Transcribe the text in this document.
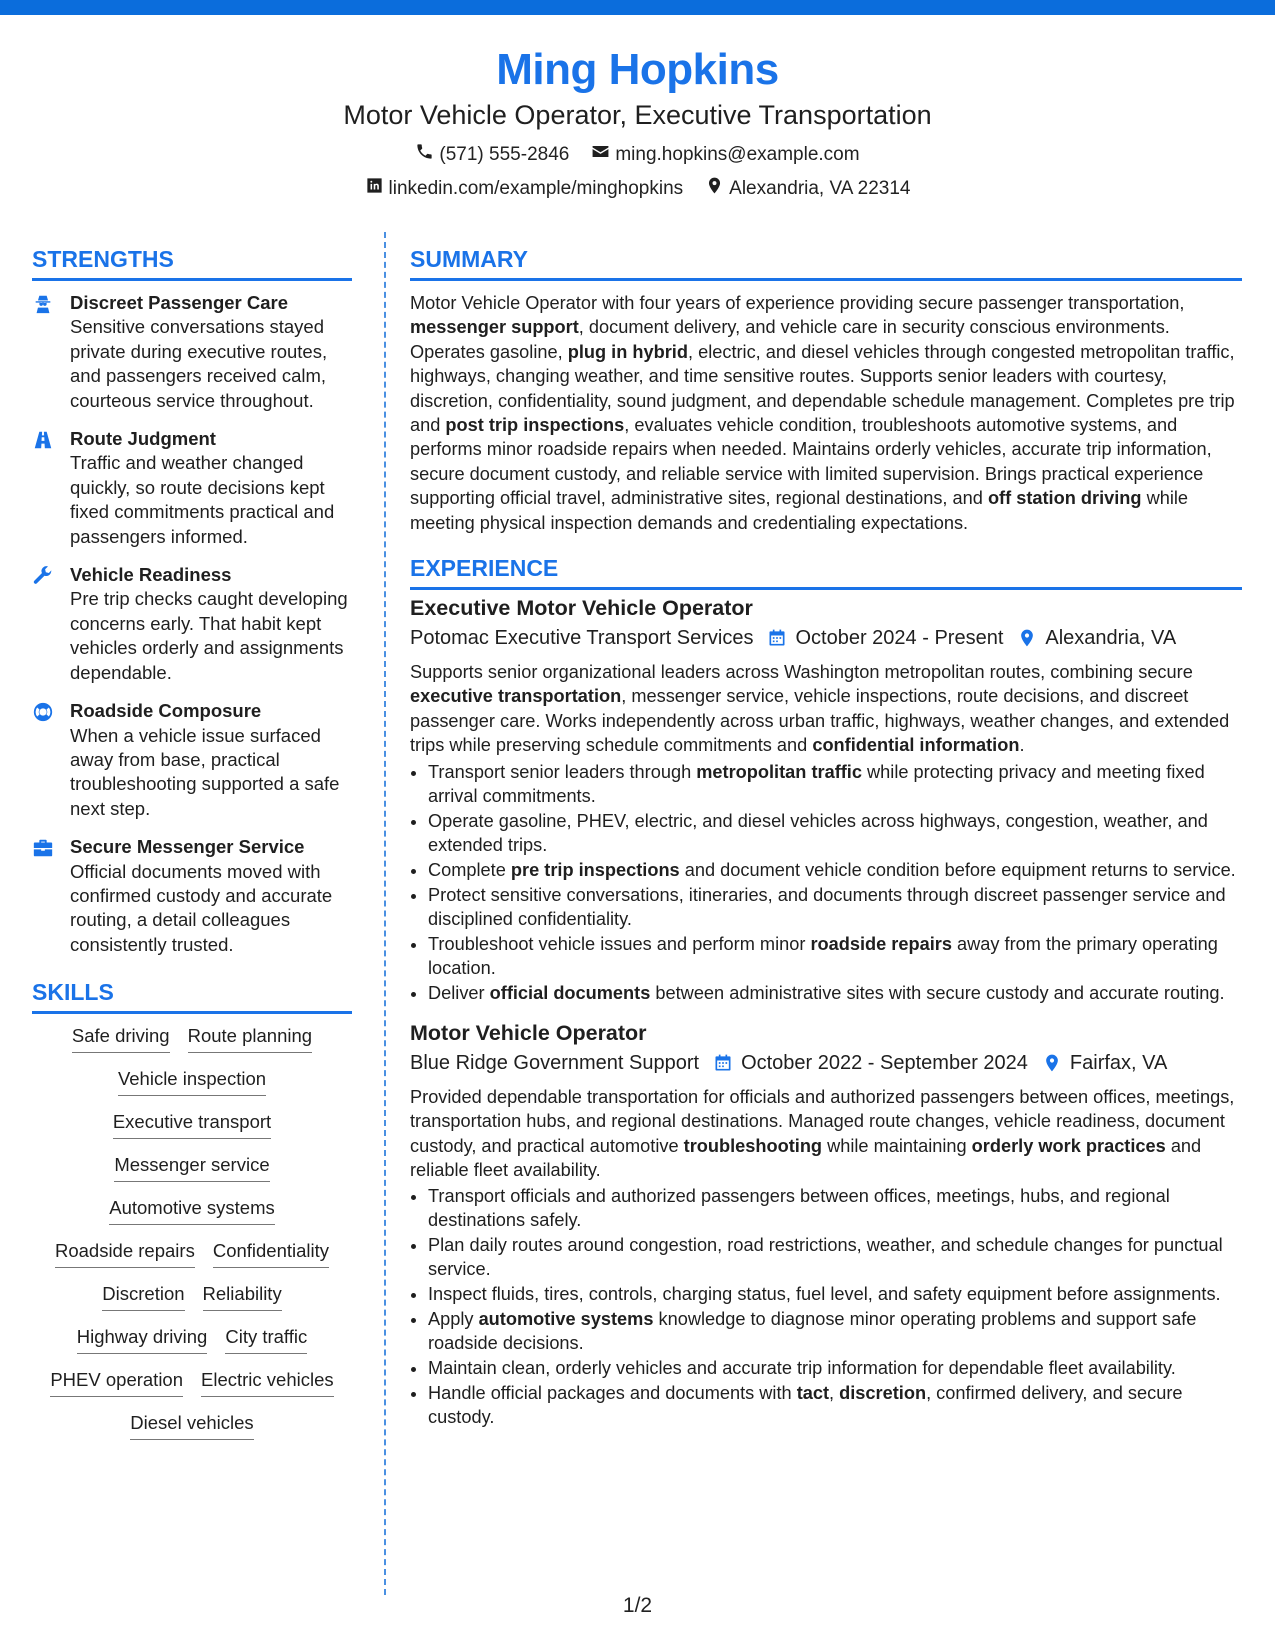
Ming Hopkins
Motor Vehicle Operator, Executive Transportation
(571) 555-2846 ming.hopkins@example.com
linkedin.com/example/minghopkins Alexandria, VA 22314
STRENGTHS
Discreet Passenger Care
Sensitive conversations stayed private during executive routes, and passengers received calm, courteous service throughout.
Route Judgment
Traffic and weather changed quickly, so route decisions kept fixed commitments practical and passengers informed.
Vehicle Readiness
Pre trip checks caught developing concerns early. That habit kept vehicles orderly and assignments dependable.
Roadside Composure
When a vehicle issue surfaced away from base, practical troubleshooting supported a safe next step.
Secure Messenger Service
Official documents moved with confirmed custody and accurate routing, a detail colleagues consistently trusted.
SKILLS
Safe driving Route planning
Vehicle inspection
Executive transport
Messenger service
Automotive systems
Roadside repairs Confidentiality
Discretion Reliability
Highway driving City traffic
PHEV operation Electric vehicles
Diesel vehicles
SUMMARY
Motor Vehicle Operator with four years of experience providing secure passenger transportation, messenger support, document delivery, and vehicle care in security conscious environments. Operates gasoline, plug in hybrid, electric, and diesel vehicles through congested metropolitan traffic, highways, changing weather, and time sensitive routes. Supports senior leaders with courtesy, discretion, confidentiality, sound judgment, and dependable schedule management. Completes pre trip and post trip inspections, evaluates vehicle condition, troubleshoots automotive systems, and performs minor roadside repairs when needed. Maintains orderly vehicles, accurate trip information, secure document custody, and reliable service with limited supervision. Brings practical experience supporting official travel, administrative sites, regional destinations, and off station driving while meeting physical inspection demands and credentialing expectations.
EXPERIENCE
Executive Motor Vehicle Operator
Potomac Executive Transport Services October 2024 - Present Alexandria, VA
Supports senior organizational leaders across Washington metropolitan routes, combining secure executive transportation, messenger service, vehicle inspections, route decisions, and discreet passenger care. Works independently across urban traffic, highways, weather changes, and extended trips while preserving schedule commitments and confidential information.
• Transport senior leaders through metropolitan traffic while protecting privacy and meeting fixed arrival commitments.
• Operate gasoline, PHEV, electric, and diesel vehicles across highways, congestion, weather, and extended trips.
• Complete pre trip inspections and document vehicle condition before equipment returns to service.
• Protect sensitive conversations, itineraries, and documents through discreet passenger service and disciplined confidentiality.
• Troubleshoot vehicle issues and perform minor roadside repairs away from the primary operating location.
• Deliver official documents between administrative sites with secure custody and accurate routing.
Motor Vehicle Operator
Blue Ridge Government Support October 2022 - September 2024 Fairfax, VA
Provided dependable transportation for officials and authorized passengers between offices, meetings, transportation hubs, and regional destinations. Managed route changes, vehicle readiness, document custody, and practical automotive troubleshooting while maintaining orderly work practices and reliable fleet availability.
• Transport officials and authorized passengers between offices, meetings, hubs, and regional destinations safely.
• Plan daily routes around congestion, road restrictions, weather, and schedule changes for punctual service.
• Inspect fluids, tires, controls, charging status, fuel level, and safety equipment before assignments.
• Apply automotive systems knowledge to diagnose minor operating problems and support safe roadside decisions.
• Maintain clean, orderly vehicles and accurate trip information for dependable fleet availability.
• Handle official packages and documents with tact, discretion, confirmed delivery, and secure custody.
1/2
